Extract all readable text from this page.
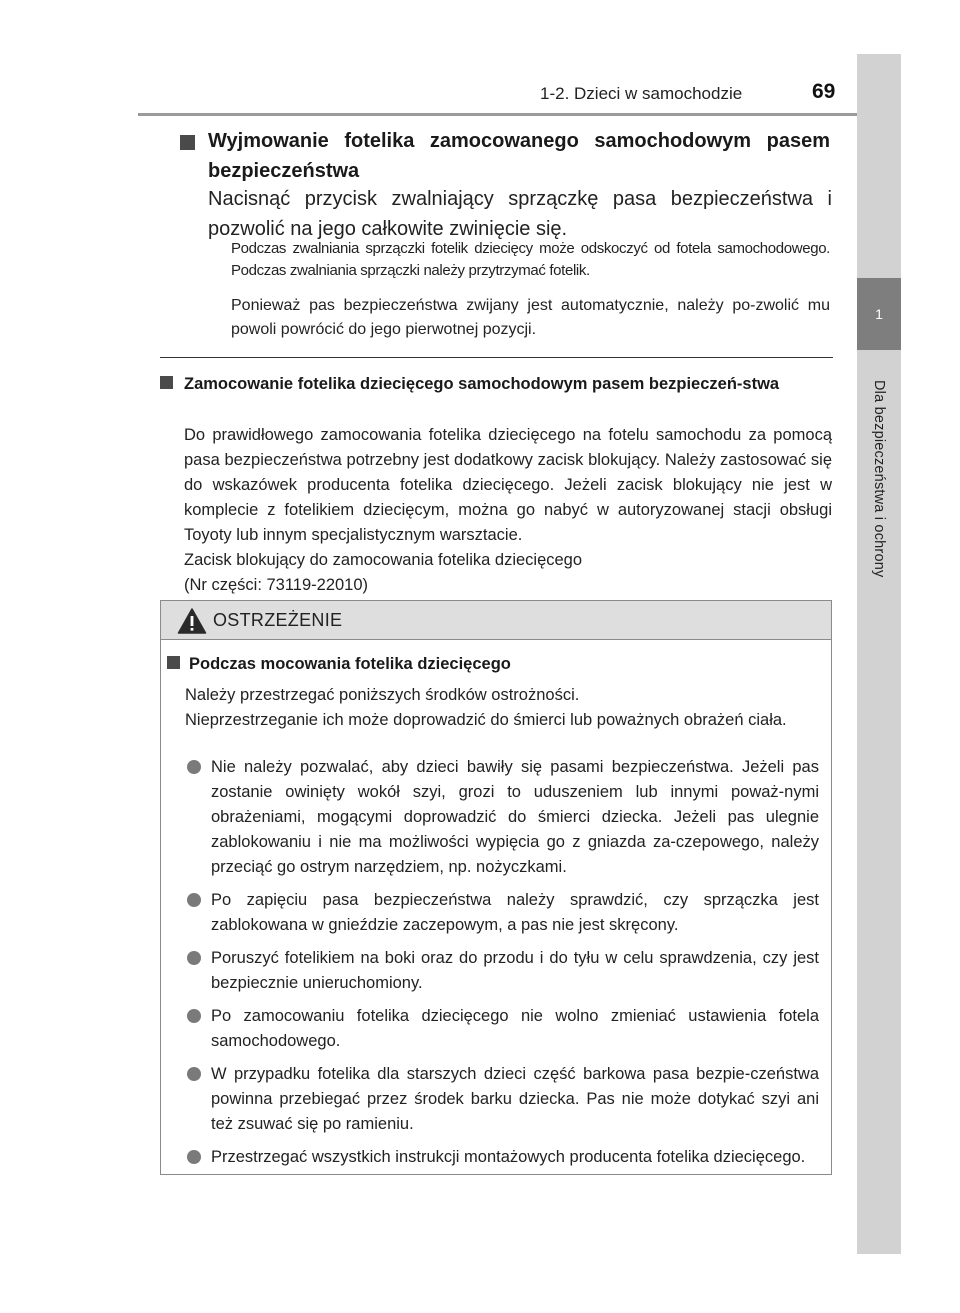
1
Dla bezpieczeństwa i ochrony
1-2. Dzieci w samochodzie	69
Wyjmowanie fotelika zamocowanego samochodowym pasem bezpieczeństwa
Nacisnąć przycisk zwalniający sprzączkę pasa bezpieczeństwa i pozwolić na jego całkowite zwinięcie się.
Podczas zwalniania sprzączki fotelik dziecięcy może odskoczyć od fotela samochodowego. Podczas zwalniania sprzączki należy przytrzymać fotelik.
Ponieważ pas bezpieczeństwa zwijany jest automatycznie, należy po-zwolić mu powoli powrócić do jego pierwotnej pozycji.
Zamocowanie fotelika dziecięcego samochodowym pasem bezpieczeń-stwa
Do prawidłowego zamocowania fotelika dziecięcego na fotelu samochodu za pomocą pasa bezpieczeństwa potrzebny jest dodatkowy zacisk blokujący. Należy zastosować się do wskazówek producenta fotelika dziecięcego. Jeżeli zacisk blokujący nie jest w komplecie z fotelikiem dziecięcym, można go nabyć w autoryzowanej stacji obsługi Toyoty lub innym specjalistycznym warsztacie.
Zacisk blokujący do zamocowania fotelika dziecięcego
(Nr części: 73119-22010)
OSTRZEŻENIE
Podczas mocowania fotelika dziecięcego
Należy przestrzegać poniższych środków ostrożności.
Nieprzestrzeganie ich może doprowadzić do śmierci lub poważnych obrażeń ciała.
Nie należy pozwalać, aby dzieci bawiły się pasami bezpieczeństwa. Jeżeli pas zostanie owinięty wokół szyi, grozi to uduszeniem lub innymi poważ-nymi obrażeniami, mogącymi doprowadzić do śmierci dziecka. Jeżeli pas ulegnie zablokowaniu i nie ma możliwości wypięcia go z gniazda za-czepowego, należy przeciąć go ostrym narzędziem, np. nożyczkami.
Po zapięciu pasa bezpieczeństwa należy sprawdzić, czy sprzączka jest zablokowana w gnieździe zaczepowym, a pas nie jest skręcony.
Poruszyć fotelikiem na boki oraz do przodu i do tyłu w celu sprawdzenia, czy jest bezpiecznie unieruchomiony.
Po zamocowaniu fotelika dziecięcego nie wolno zmieniać ustawienia fotela samochodowego.
W przypadku fotelika dla starszych dzieci część barkowa pasa bezpie-czeństwa powinna przebiegać przez środek barku dziecka. Pas nie może dotykać szyi ani też zsuwać się po ramieniu.
Przestrzegać wszystkich instrukcji montażowych producenta fotelika dziecięcego.
